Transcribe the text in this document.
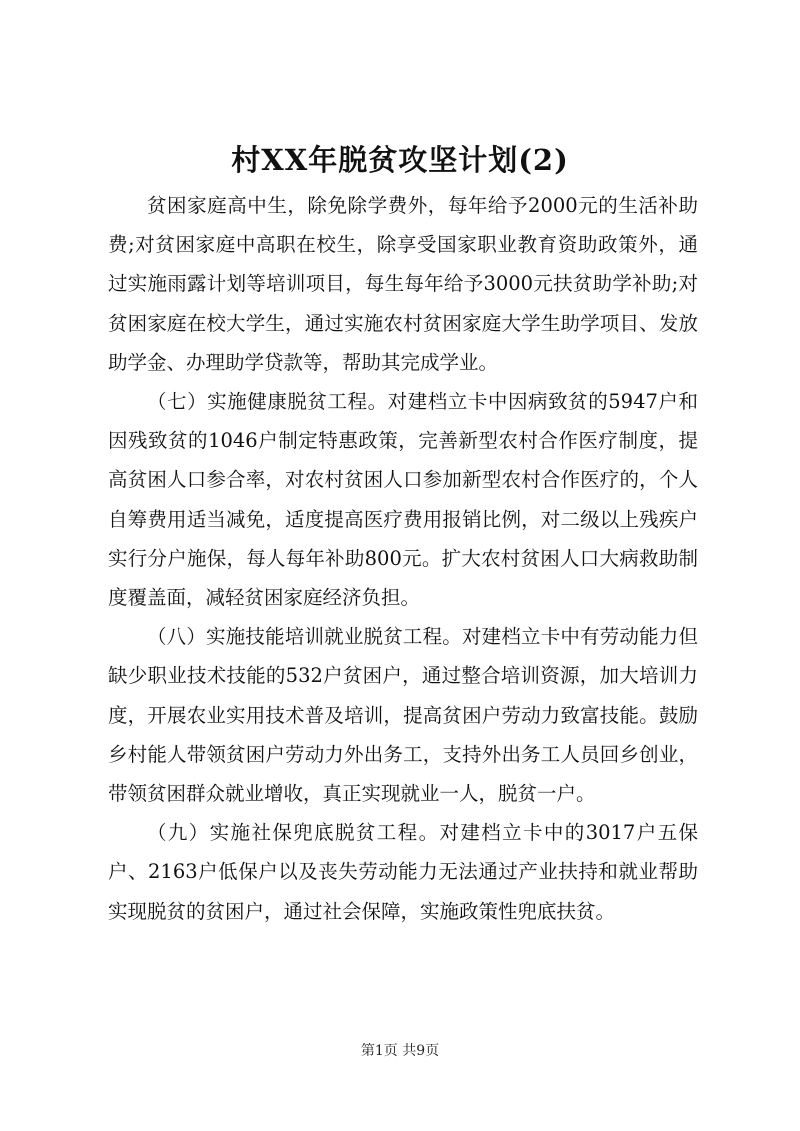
村XX年脱贫攻坚计划(2)

贫困家庭高中生，除免除学费外，每年给予2000元的生活补助费;对贫困家庭中高职在校生，除享受国家职业教育资助政策外，通过实施雨露计划等培训项目，每生每年给予3000元扶贫助学补助;对贫困家庭在校大学生，通过实施农村贫困家庭大学生助学项目、发放助学金、办理助学贷款等，帮助其完成学业。

（七）实施健康脱贫工程。对建档立卡中因病致贫的5947户和因残致贫的1046户制定特惠政策，完善新型农村合作医疗制度，提高贫困人口参合率，对农村贫困人口参加新型农村合作医疗的，个人自筹费用适当减免，适度提高医疗费用报销比例，对二级以上残疾户实行分户施保，每人每年补助800元。扩大农村贫困人口大病救助制度覆盖面，减轻贫困家庭经济负担。

（八）实施技能培训就业脱贫工程。对建档立卡中有劳动能力但缺少职业技术技能的532户贫困户，通过整合培训资源，加大培训力度，开展农业实用技术普及培训，提高贫困户劳动力致富技能。鼓励乡村能人带领贫困户劳动力外出务工，支持外出务工人员回乡创业，带领贫困群众就业增收，真正实现就业一人，脱贫一户。

（九）实施社保兜底脱贫工程。对建档立卡中的3017户五保户、2163户低保户以及丧失劳动能力无法通过产业扶持和就业帮助实现脱贫的贫困户，通过社会保障，实施政策性兜底扶贫。

第1页 共9页
